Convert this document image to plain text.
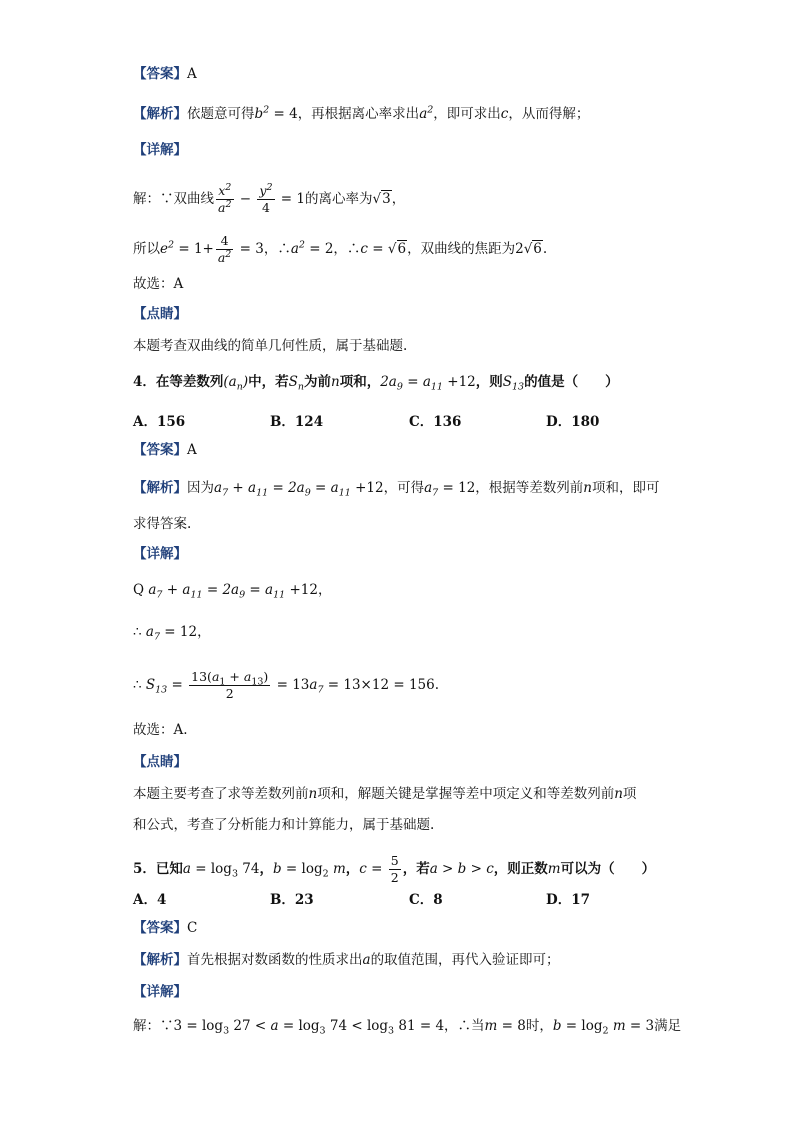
【答案】A
【解析】依题意可得$b^2 = 4$，再根据离心率求出$a^2$，即可求出c，从而得解；
【详解】
解：∵双曲线 $\frac{x^2}{a^2} - \frac{y^2}{4} = 1$的离心率为√3，
所以$e^2 = 1+ \frac{4}{a^2} = 3$，$\therefore a^2 = 2$，∴c = √6，双曲线的焦距为2√6.
故选：A
【点睛】
本题考查双曲线的简单几何性质，属于基础题.
4．在等差数列$(a_n)$中，若$S_n$为前n项和，$2a_9 = a_{11} +12$，则$S_{13}$的值是（　　）
A．156	B．124	C．136	D．180
【答案】A
【解析】因为$a_7 + a_{11} = 2a_9 = a_{11} +12$，可得$a_7 = 12$，根据等差数列前n项和，即可
求得答案.
【详解】
Q $a_7 + a_{11} = 2a_9 = a_{11} +12$，
∴ $a_7 = 12$，
∴ $S_{13} = \frac{13(a_1 + a_{13})}{2} = 13a_7 = 13\times 12 = 156$.
故选：A.
【点睛】
本题主要考查了求等差数列前n项和，解题关键是掌握等差中项定义和等差数列前n项
和公式，考查了分析能力和计算能力，属于基础题.
5．已知$a = \log_3 74$，$b = \log_2 m$，$c = \frac{5}{2}$ ，若a > b > c，则正数m可以为（　　）
A．4	B．23	C．8	D．17
【答案】C
【解析】首先根据对数函数的性质求出a的取值范围，再代入验证即可；
【详解】
解：∵3 = $\log_3 27 < a = \log_3 74 < \log_3 81 = 4$，∴当m = 8时，$b = \log_2 m = 3$满足
